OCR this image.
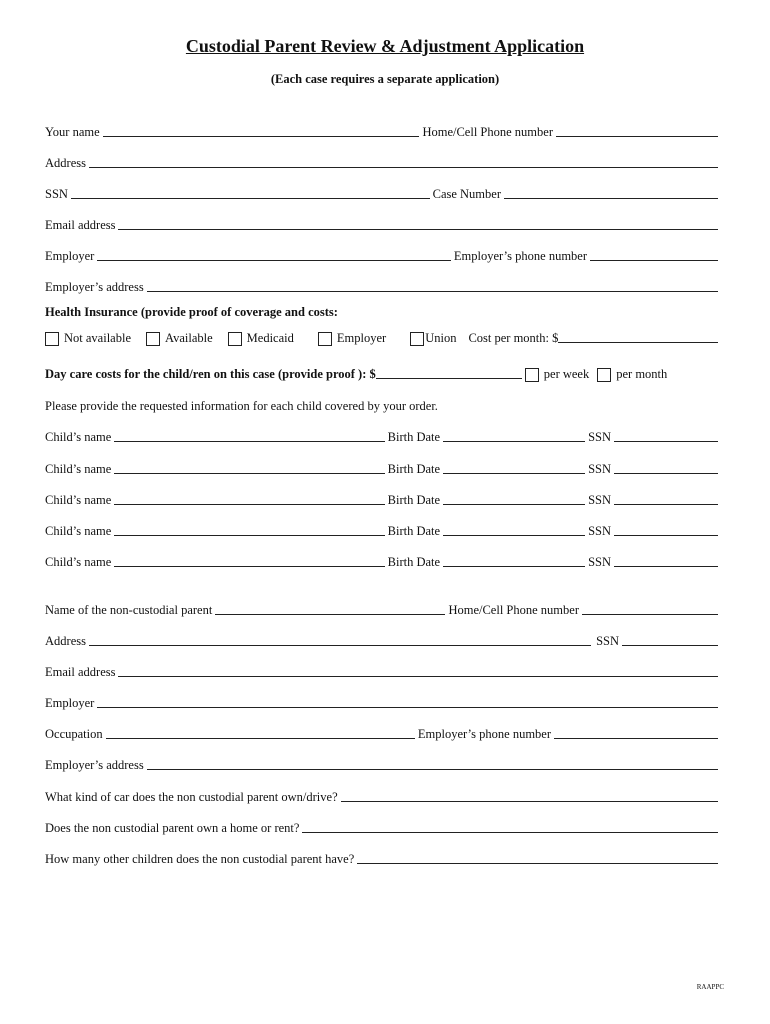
Custodial Parent Review & Adjustment Application
(Each case requires a separate application)
Your name	Home/Cell Phone number
Address
SSN	Case Number
Email address
Employer	Employer’s phone number
Employer’s address
Health Insurance (provide proof of coverage and costs:
Not available	Available	Medicaid	Employer	Union Cost per month: $
Day care costs for the child/ren on this case (provide proof ): $	per week per month
Please provide the requested information for each child covered by your order.
Child’s name	Birth Date	SSN
Child’s name	Birth Date	SSN
Child’s name	Birth Date	SSN
Child’s name	Birth Date	SSN
Child’s name	Birth Date	SSN
Name of the non-custodial parent	Home/Cell Phone number
Address	SSN
Email address
Employer
Occupation	Employer’s phone number
Employer’s address
What kind of car does the non custodial parent own/drive?
Does the non custodial parent own a home or rent?
How many other children does the non custodial parent have?
RAAPPC
